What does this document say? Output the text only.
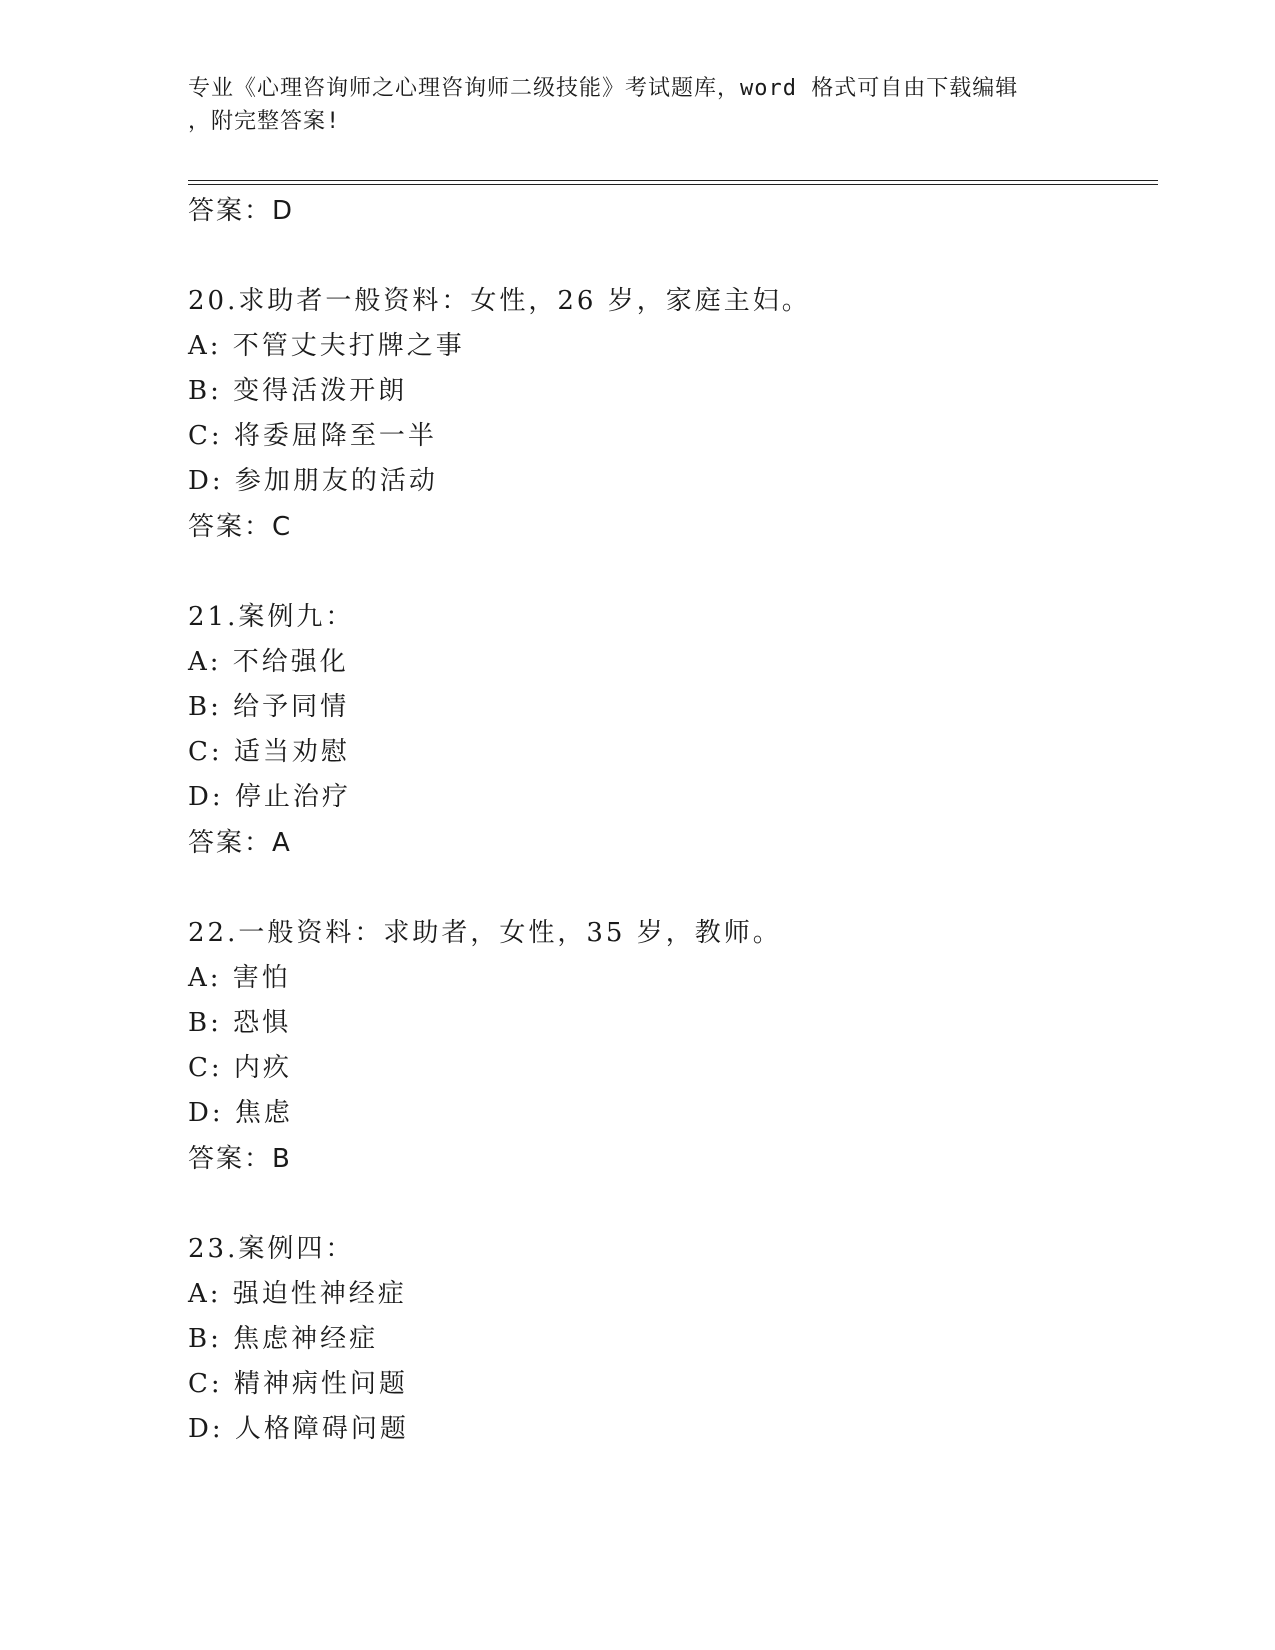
专业《心理咨询师之心理咨询师二级技能》考试题库，word 格式可自由下载编辑
，附完整答案!
答案：D
20.求助者一般资料：女性，26 岁，家庭主妇。
A: 不管丈夫打牌之事
B: 变得活泼开朗
C: 将委屈降至一半
D: 参加朋友的活动
答案：C
21.案例九：
A: 不给强化
B: 给予同情
C: 适当劝慰
D: 停止治疗
答案：A
22.一般资料：求助者，女性，35 岁，教师。
A: 害怕
B: 恐惧
C: 内疚
D: 焦虑
答案：B
23.案例四：
A: 强迫性神经症
B: 焦虑神经症
C: 精神病性问题
D: 人格障碍问题
